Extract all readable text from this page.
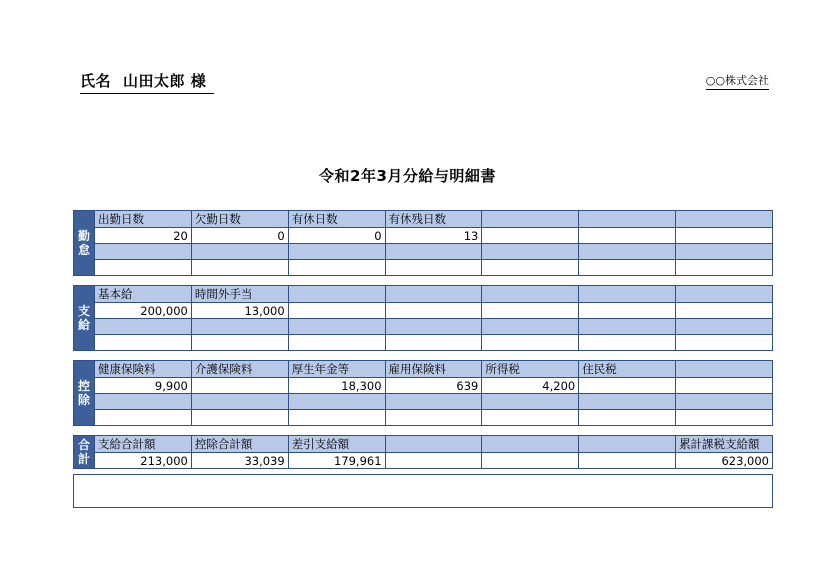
氏名 山田太郎 様	○○株式会社
令和2年3月分給与明細書
勤
怠
出勤日数	欠勤日数	有休日数	有休残日数			
20	0	0	13			

支
給
基本給	時間外手当					
200,000	13,000					

控
除
健康保険料	介護保険料	厚生年金等	雇用保険料	所得税	住民税	
9,900		18,300	639	4,200		

合
計
支給合計額	控除合計額	差引支給額				累計課税支給額
213,000	33,039	179,961				623,000
